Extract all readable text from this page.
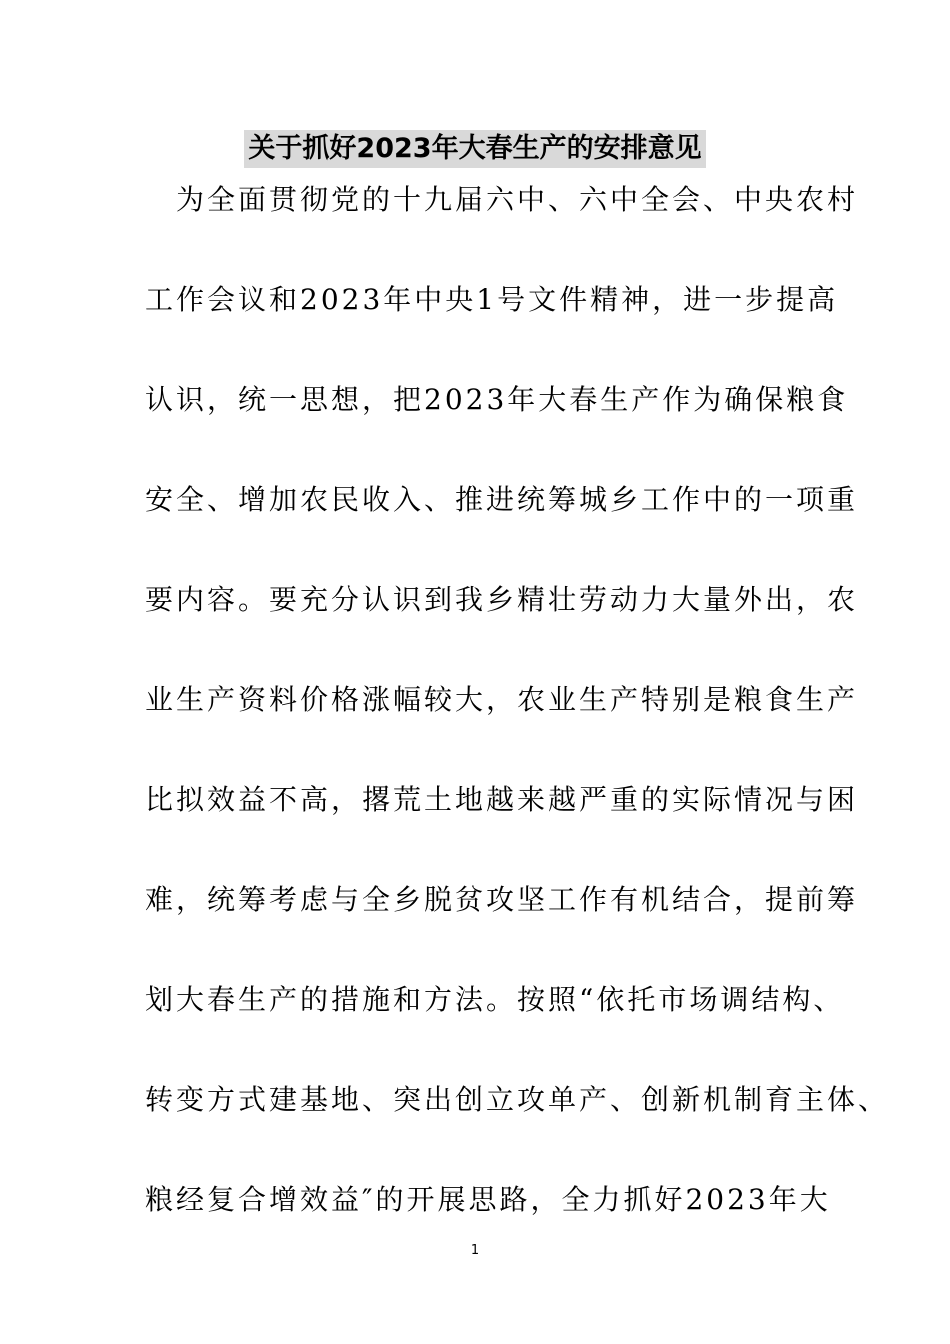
关于抓好2023年大春生产的安排意见
　为全面贯彻党的十九届六中、六中全会、中央农村
工作会议和2023年中央1号文件精神，进一步提高
认识，统一思想，把2023年大春生产作为确保粮食
安全、增加农民收入、推进统筹城乡工作中的一项重
要内容。要充分认识到我乡精壮劳动力大量外出，农
业生产资料价格涨幅较大，农业生产特别是粮食生产
比拟效益不高，撂荒土地越来越严重的实际情况与困
难，统筹考虑与全乡脱贫攻坚工作有机结合，提前筹
划大春生产的措施和方法。按照“依托市场调结构、
转变方式建基地、突出创立攻单产、创新机制育主体、
粮经复合增效益″的开展思路，全力抓好2023年大
1
